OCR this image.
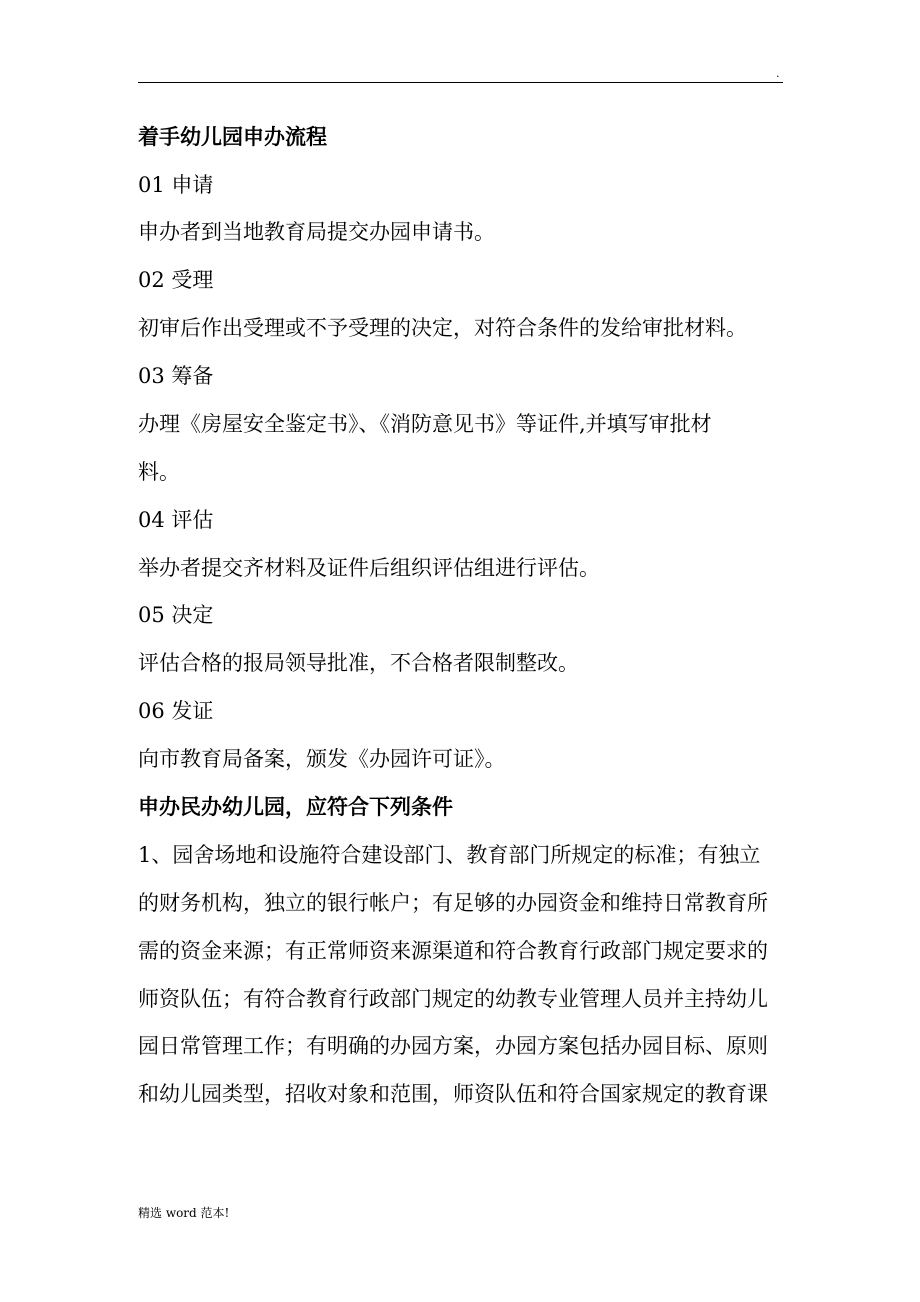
.
着手幼儿园申办流程
01 申请
申办者到当地教育局提交办园申请书。
02 受理
初审后作出受理或不予受理的决定，对符合条件的发给审批材料。
03 筹备
办理《房屋安全鉴定书》、《消防意见书》等证件,并填写审批材
料。
04 评估
举办者提交齐材料及证件后组织评估组进行评估。
05 决定
评估合格的报局领导批准，不合格者限制整改。
06 发证
向市教育局备案，颁发《办园许可证》。
申办民办幼儿园，应符合下列条件
1、园舍场地和设施符合建设部门、教育部门所规定的标准；有独立
的财务机构，独立的银行帐户；有足够的办园资金和维持日常教育所
需的资金来源；有正常师资来源渠道和符合教育行政部门规定要求的
师资队伍；有符合教育行政部门规定的幼教专业管理人员并主持幼儿
园日常管理工作；有明确的办园方案，办园方案包括办园目标、原则
和幼儿园类型，招收对象和范围，师资队伍和符合国家规定的教育课
精选 word 范本!
